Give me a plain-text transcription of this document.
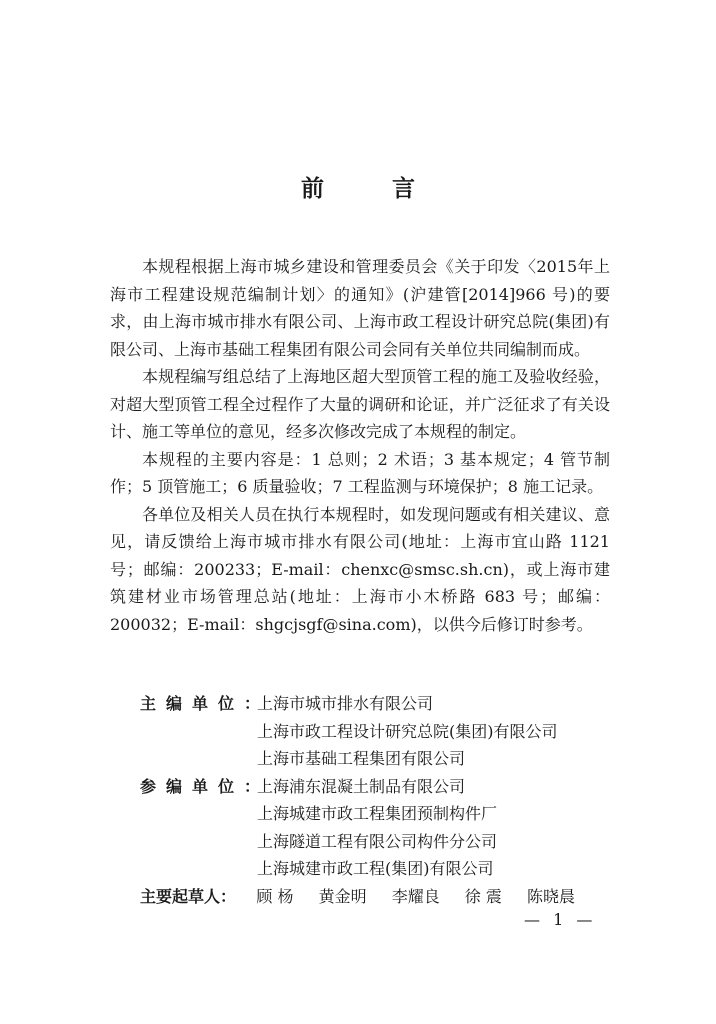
前 言

本规程根据上海市城乡建设和管理委员会《关于印发〈2015年上海市工程建设规范编制计划〉的通知》(沪建管[2014]966 号)的要求，由上海市城市排水有限公司、上海市政工程设计研究总院(集团)有限公司、上海市基础工程集团有限公司会同有关单位共同编制而成。

本规程编写组总结了上海地区超大型顶管工程的施工及验收经验，对超大型顶管工程全过程作了大量的调研和论证，并广泛征求了有关设计、施工等单位的意见，经多次修改完成了本规程的制定。

本规程的主要内容是：1 总则；2 术语；3 基本规定；4 管节制作；5 顶管施工；6 质量验收；7 工程监测与环境保护；8 施工记录。

各单位及相关人员在执行本规程时，如发现问题或有相关建议、意见，请反馈给上海市城市排水有限公司(地址：上海市宜山路 1121 号；邮编：200233；E-mail：chenxc@smsc.sh.cn)，或上海市建筑建材业市场管理总站(地址：上海市小木桥路 683 号；邮编：200032；E-mail：shgcjsgf@sina.com)，以供今后修订时参考。

主编单位：
上海市城市排水有限公司
上海市政工程设计研究总院(集团)有限公司
上海市基础工程集团有限公司
参编单位：
上海浦东混凝土制品有限公司
上海城建市政工程集团预制构件厂
上海隧道工程有限公司构件分公司
上海城建市政工程(集团)有限公司
主要起草人： 顾 杨 黄金明 李耀良 徐 震 陈晓晨
— 1 —
